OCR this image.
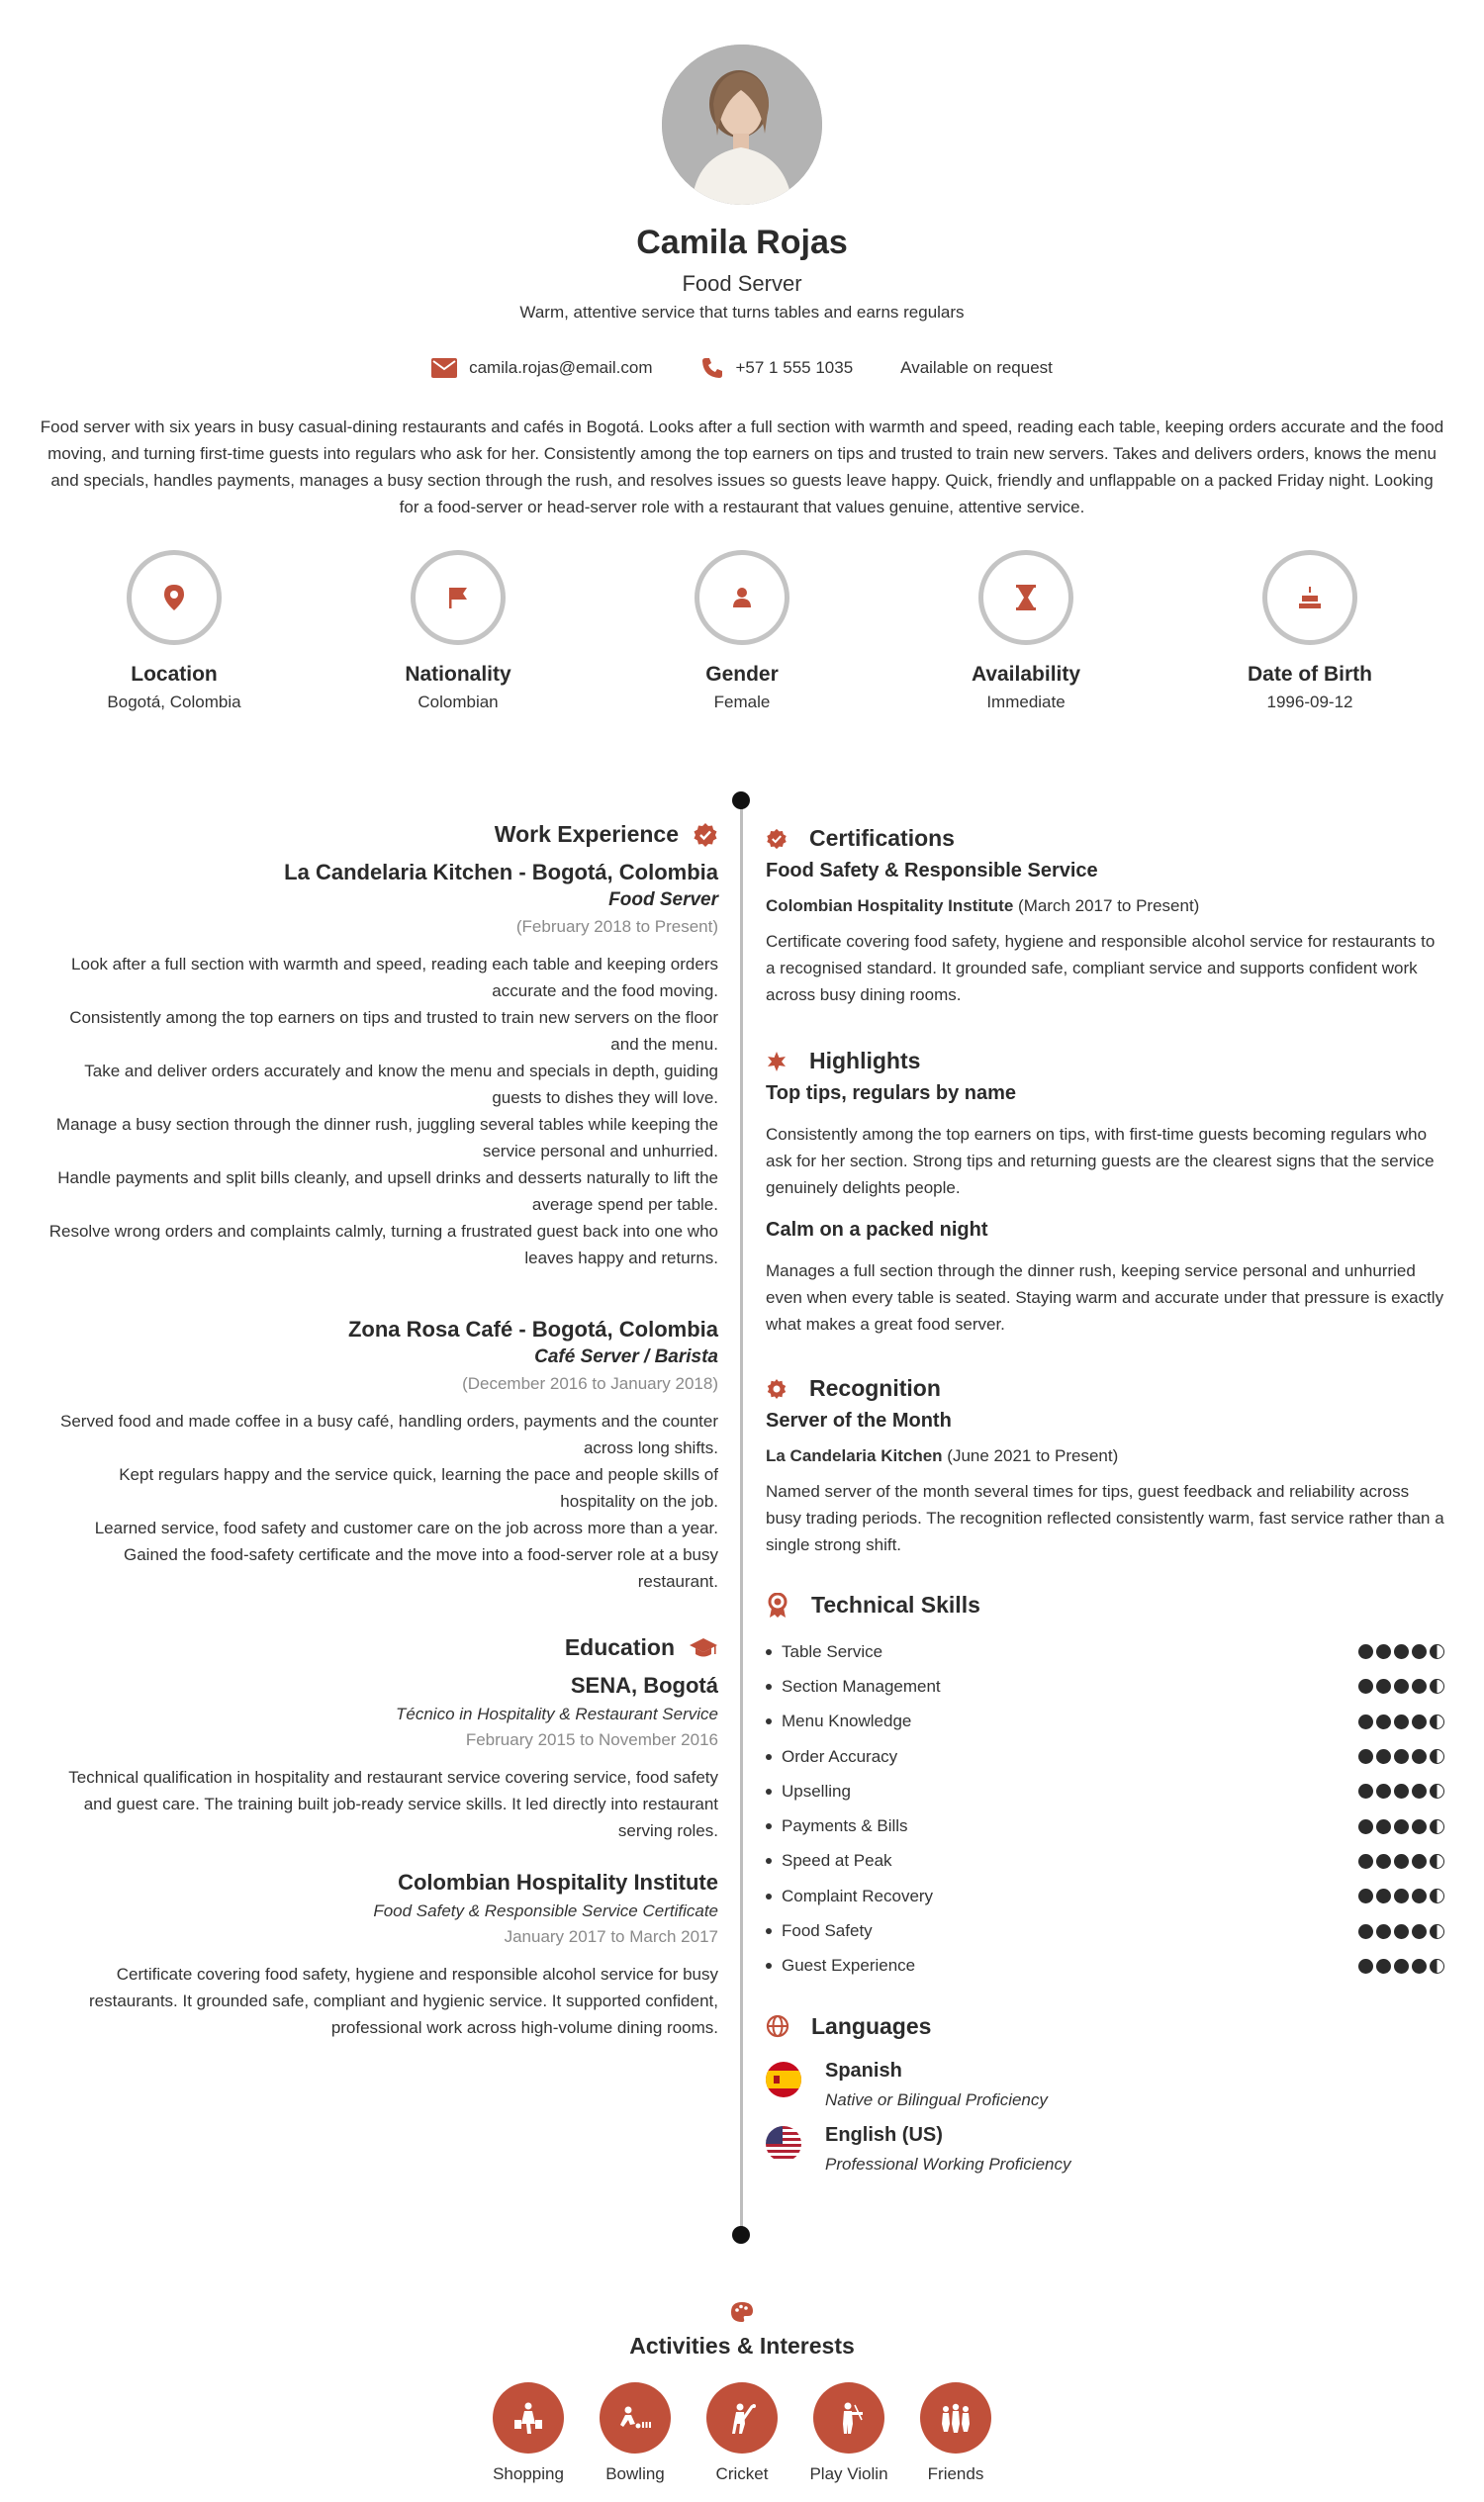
Camila Rojas
Food Server
Warm, attentive service that turns tables and earns regulars
camila.rojas@email.com	+57 1 555 1035	Available on request
Food server with six years in busy casual-dining restaurants and cafés in Bogotá. Looks after a full section with warmth and speed, reading each table, keeping orders accurate and the food moving, and turning first-time guests into regulars who ask for her. Consistently among the top earners on tips and trusted to train new servers. Takes and delivers orders, knows the menu and specials, handles payments, manages a busy section through the rush, and resolves issues so guests leave happy. Quick, friendly and unflappable on a packed Friday night. Looking for a food-server or head-server role with a restaurant that values genuine, attentive service.
Location
Bogotá, Colombia
Nationality
Colombian
Gender
Female
Availability
Immediate
Date of Birth
1996-09-12
Work Experience
La Candelaria Kitchen - Bogotá, Colombia
Food Server
(February 2018 to Present)
Look after a full section with warmth and speed, reading each table and keeping orders accurate and the food moving.
Consistently among the top earners on tips and trusted to train new servers on the floor and the menu.
Take and deliver orders accurately and know the menu and specials in depth, guiding guests to dishes they will love.
Manage a busy section through the dinner rush, juggling several tables while keeping the service personal and unhurried.
Handle payments and split bills cleanly, and upsell drinks and desserts naturally to lift the average spend per table.
Resolve wrong orders and complaints calmly, turning a frustrated guest back into one who leaves happy and returns.
Zona Rosa Café - Bogotá, Colombia
Café Server / Barista
(December 2016 to January 2018)
Served food and made coffee in a busy café, handling orders, payments and the counter across long shifts.
Kept regulars happy and the service quick, learning the pace and people skills of hospitality on the job.
Learned service, food safety and customer care on the job across more than a year.
Gained the food-safety certificate and the move into a food-server role at a busy restaurant.
Education
SENA, Bogotá
Técnico in Hospitality & Restaurant Service
February 2015 to November 2016
Technical qualification in hospitality and restaurant service covering service, food safety and guest care. The training built job-ready service skills. It led directly into restaurant serving roles.
Colombian Hospitality Institute
Food Safety & Responsible Service Certificate
January 2017 to March 2017
Certificate covering food safety, hygiene and responsible alcohol service for busy restaurants. It grounded safe, compliant and hygienic service. It supported confident, professional work across high-volume dining rooms.
Certifications
Food Safety & Responsible Service
Colombian Hospitality Institute (March 2017 to Present)
Certificate covering food safety, hygiene and responsible alcohol service for restaurants to a recognised standard. It grounded safe, compliant service and supports confident work across busy dining rooms.
Highlights
Top tips, regulars by name
Consistently among the top earners on tips, with first-time guests becoming regulars who ask for her section. Strong tips and returning guests are the clearest signs that the service genuinely delights people.
Calm on a packed night
Manages a full section through the dinner rush, keeping service personal and unhurried even when every table is seated. Staying warm and accurate under that pressure is exactly what makes a great food server.
Recognition
Server of the Month
La Candelaria Kitchen (June 2021 to Present)
Named server of the month several times for tips, guest feedback and reliability across busy trading periods. The recognition reflected consistently warm, fast service rather than a single strong shift.
Technical Skills
Table Service
Section Management
Menu Knowledge
Order Accuracy
Upselling
Payments & Bills
Speed at Peak
Complaint Recovery
Food Safety
Guest Experience
Languages
Spanish
Native or Bilingual Proficiency
English (US)
Professional Working Proficiency
Activities & Interests
Shopping	Bowling	Cricket	Play Violin	Friends
